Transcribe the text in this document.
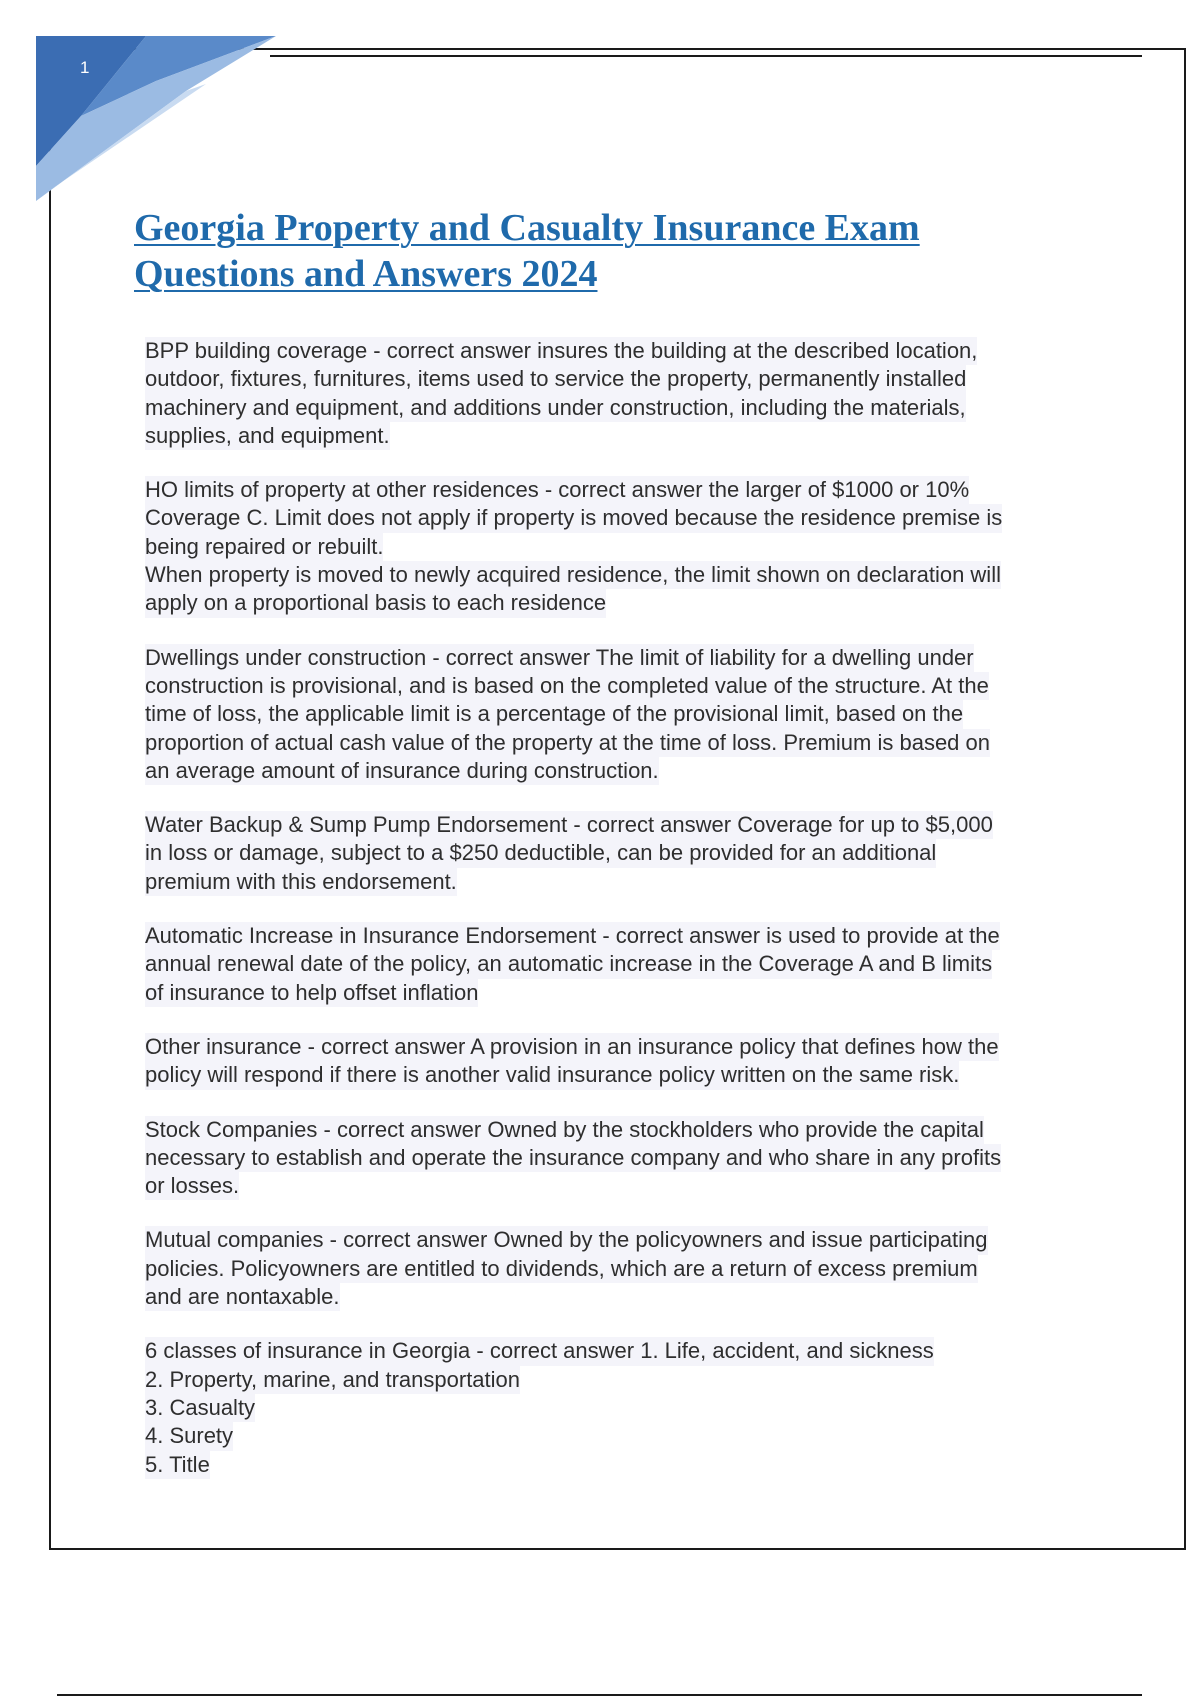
1
Georgia Property and Casualty Insurance Exam
Questions and Answers 2024

BPP building coverage - correct answer insures the building at the described location,
outdoor, fixtures, furnitures, items used to service the property, permanently installed
machinery and equipment, and additions under construction, including the materials,
supplies, and equipment.

HO limits of property at other residences - correct answer the larger of $1000 or 10%
Coverage C. Limit does not apply if property is moved because the residence premise is
being repaired or rebuilt.
When property is moved to newly acquired residence, the limit shown on declaration will
apply on a proportional basis to each residence

Dwellings under construction - correct answer The limit of liability for a dwelling under
construction is provisional, and is based on the completed value of the structure. At the
time of loss, the applicable limit is a percentage of the provisional limit, based on the
proportion of actual cash value of the property at the time of loss. Premium is based on
an average amount of insurance during construction.

Water Backup & Sump Pump Endorsement - correct answer Coverage for up to $5,000
in loss or damage, subject to a $250 deductible, can be provided for an additional
premium with this endorsement.

Automatic Increase in Insurance Endorsement - correct answer is used to provide at the
annual renewal date of the policy, an automatic increase in the Coverage A and B limits
of insurance to help offset inflation

Other insurance - correct answer A provision in an insurance policy that defines how the
policy will respond if there is another valid insurance policy written on the same risk.

Stock Companies - correct answer Owned by the stockholders who provide the capital
necessary to establish and operate the insurance company and who share in any profits
or losses.

Mutual companies - correct answer Owned by the policyowners and issue participating
policies. Policyowners are entitled to dividends, which are a return of excess premium
and are nontaxable.

6 classes of insurance in Georgia - correct answer 1. Life, accident, and sickness
2. Property, marine, and transportation
3. Casualty
4. Surety
5. Title
